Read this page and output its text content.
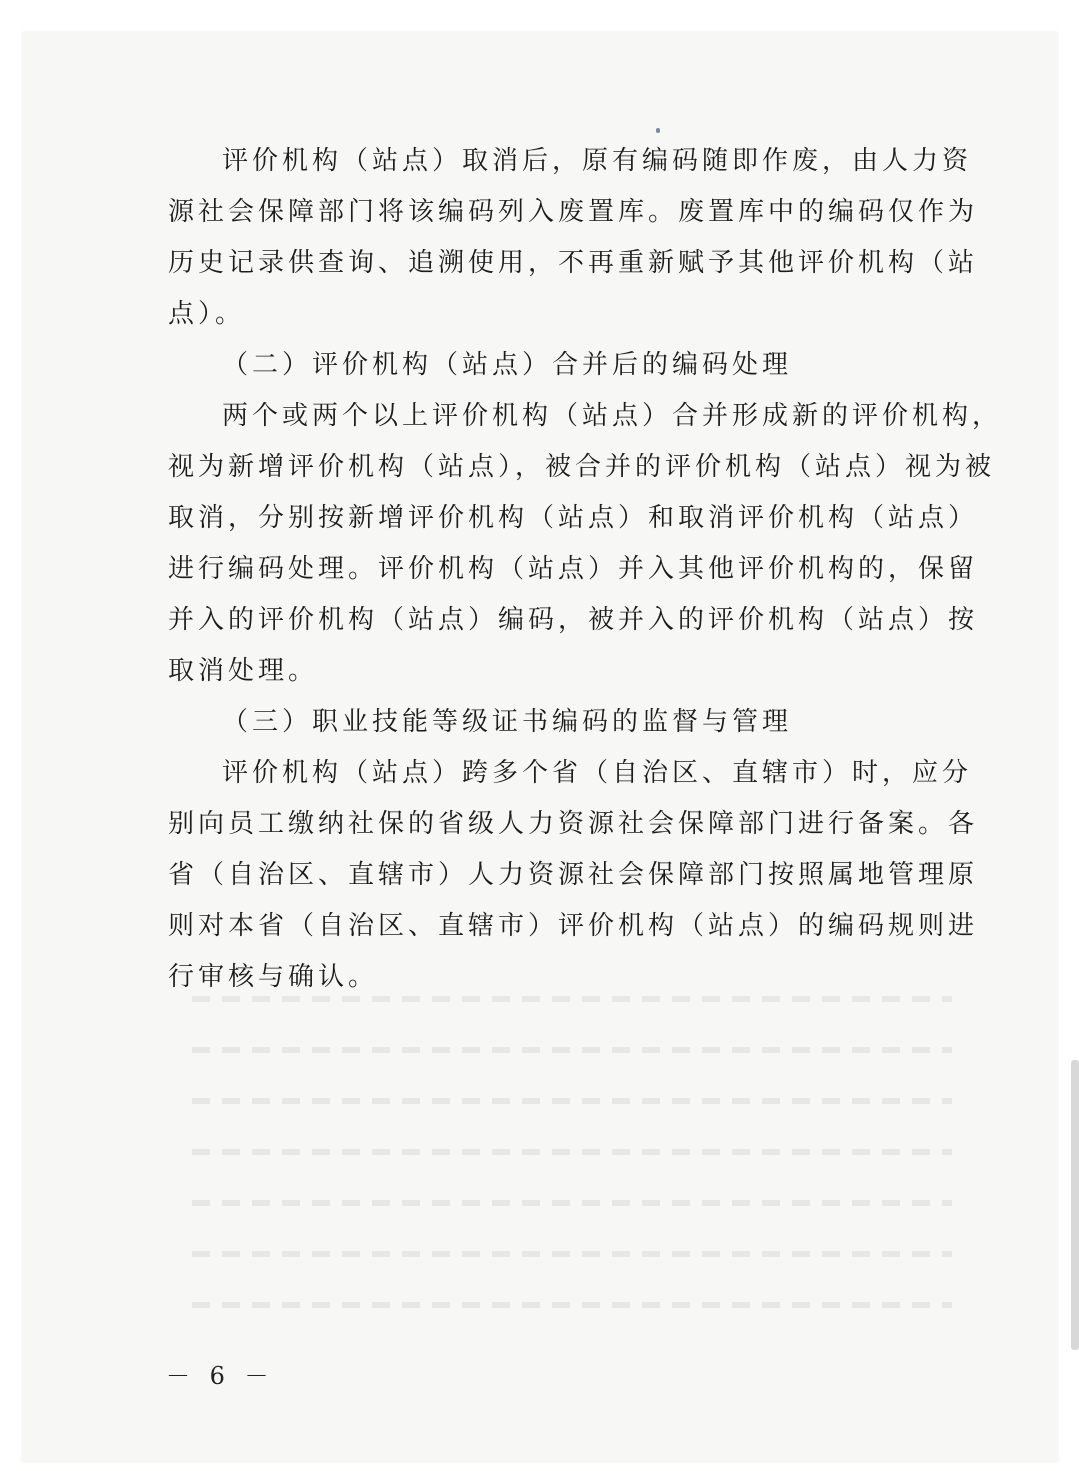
评价机构（站点）取消后，原有编码随即作废，由人力资
源社会保障部门将该编码列入废置库。废置库中的编码仅作为
历史记录供查询、追溯使用，不再重新赋予其他评价机构（站
点）。
（二）评价机构（站点）合并后的编码处理
两个或两个以上评价机构（站点）合并形成新的评价机构，
视为新增评价机构（站点），被合并的评价机构（站点）视为被
取消，分别按新增评价机构（站点）和取消评价机构（站点）
进行编码处理。评价机构（站点）并入其他评价机构的，保留
并入的评价机构（站点）编码，被并入的评价机构（站点）按
取消处理。
（三）职业技能等级证书编码的监督与管理
评价机构（站点）跨多个省（自治区、直辖市）时，应分
别向员工缴纳社保的省级人力资源社会保障部门进行备案。各
省（自治区、直辖市）人力资源社会保障部门按照属地管理原
则对本省（自治区、直辖市）评价机构（站点）的编码规则进
行审核与确认。
－ 6 －
